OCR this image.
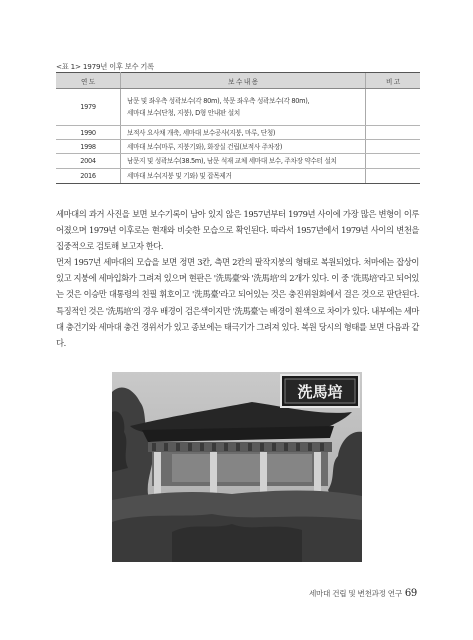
<표 1> 1979년 이후 보수 기록
연 도	보 수 내 용	비 고
1979	남문 및 좌우측 성곽보수(각 80m), 북문 좌우측 성곽보수(각 80m),
세마대 보수(단청, 지붕), D형 안내판 설치	

1990	보적사 요사채 개축, 세마대 보수공사(지붕, 마루, 단청)	
1998	세마대 보수(마루, 지붕기와), 화장실 건립(보적사 주차장)	
2004	남문지 및 성곽보수(38.5m), 남문 석재 교체 세마대 보수, 주차장 약수터 설치	
2016	세마대 보수(지붕 및 기와) 및 잡목제거	
세마대의 과거 사진을 보면 보수기록이 남아 있지 않은 1957년부터 1979년 사이에 가장 많은 변형이 이루어졌으며 1979년 이후로는 현재와 비슷한 모습으로 확인된다. 따라서 1957년에서 1979년 사이의 변천을 집중적으로 검토해 보고자 한다.
먼저 1957년 세마대의 모습을 보면 정면 3칸, 측면 2칸의 팔작지붕의 형태로 복원되었다. 처마에는 잡상이 있고 지붕에 세마입화가 그려져 있으며 현판은 '洗馬臺'와 '洗馬培'의 2개가 있다. 이 중 '洗馬培'라고 되어있는 것은 이승만 대통령의 친필 휘호이고 '洗馬臺'라고 되어있는 것은 충진위원회에서 걸은 것으로 판단된다. 특징적인 것은 '洗馬培'의 경우 배경이 검은색이지만 '洗馬臺'는 배경이 흰색으로 차이가 있다. 내부에는 세마대 충건기와 세마대 충건 경위서가 있고 종보에는 태극기가 그려져 있다. 복원 당시의 형태를 보면 다음과 같다.
洗馬培
세마대 건립 및 변천과정 연구 69
